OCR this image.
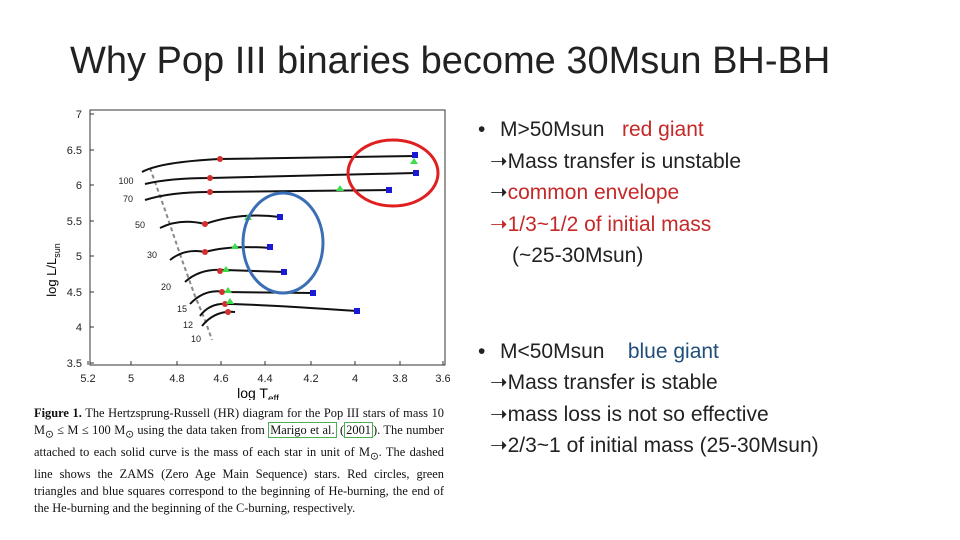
Why Pop III binaries become 30Msun BH-BH
5.2	5	4.8	4.6	4.4	4.2	4	3.8	3.6
7
6.5
6
5.5
5
4.5
4
3.5
$\log T_{eff}$
$\log L/L_{sun}$
100
70
50
30
20
15
12
10
Figure 1. The Hertzsprung-Russell (HR) diagram for the Pop III stars of mass 10 $M_⊙ \le M \le 100$ $M_⊙$ using the data taken from Marigo et al. ( 2001 ). The number attached to each solid curve is the mass of each star in unit of $M_⊙$. The dashed line shows the ZAMS (Zero Age Main Sequence) stars. Red circles, green triangles and blue squares correspond to the beginning of He-burning, the end of the He-burning and the beginning of the C-burning, respectively.
• M>50Msun red giant
➝Mass transfer is unstable
➝common envelope
➝1/3~1/2 of initial mass
(~25-30Msun)
• M<50Msun blue giant
➝Mass transfer is stable
➝mass loss is not so effective
➝2/3~1 of initial mass (25-30Msun)
